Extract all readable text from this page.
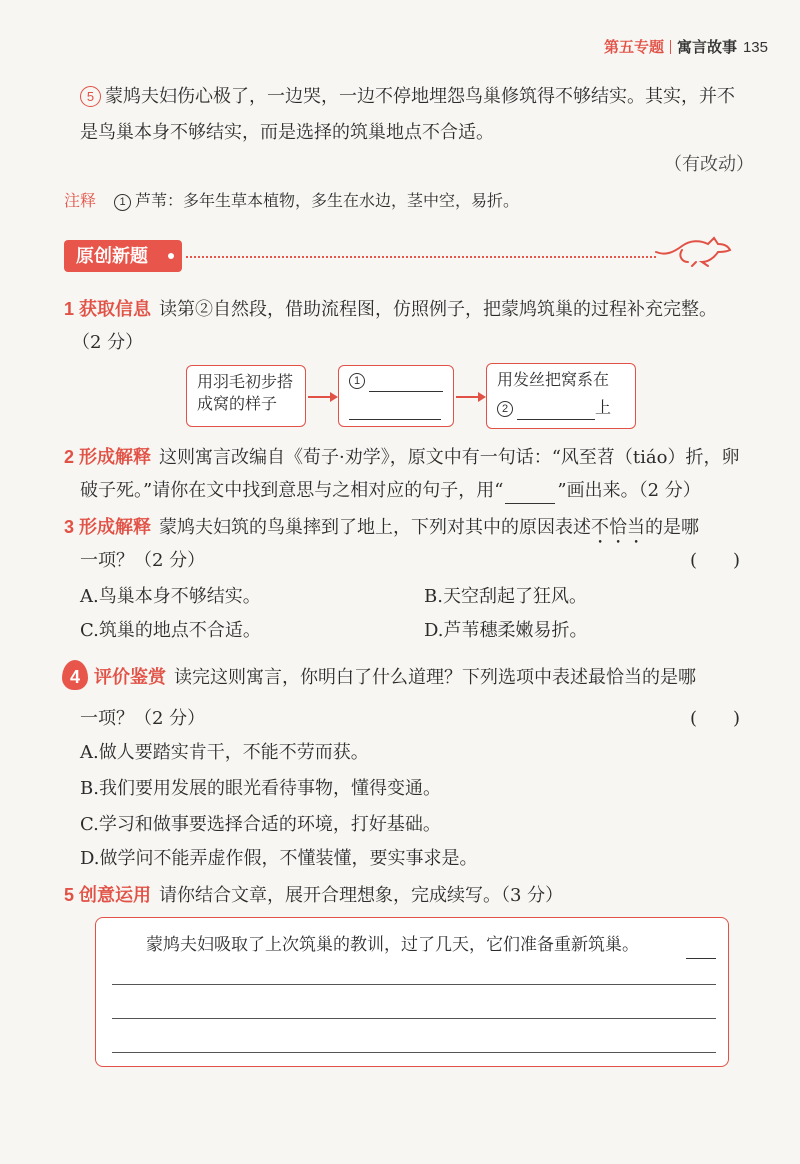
第五专题 寓言故事 135
5 蒙鸠夫妇伤心极了，一边哭，一边不停地埋怨鸟巢修筑得不够结实。其实，并不
是鸟巢本身不够结实，而是选择的筑巢地点不合适。
（有改动）
注释 1 芦苇：多年生草本植物，多生在水边，茎中空，易折。
原创新题
1 获取信息 读第②自然段，借助流程图，仿照例子，把蒙鸠筑巢的过程补充完整。
（2 分）
用羽毛初步搭
成窝的样子
1	用发丝把窝系在
2	上
2 形成解释 这则寓言改编自《荀子·劝学》，原文中有一句话：“风至苕（tiáo）折，卵
破子死。”请你在文中找到意思与之相对应的句子，用“	”画出来。（2 分）
3 形成解释 蒙鸠夫妇筑的鸟巢摔到了地上，下列对其中的原因表述不恰当的是哪
一项？（2 分）	(　　)
A.鸟巢本身不够结实。	B.天空刮起了狂风。
C.筑巢的地点不合适。	D.芦苇穗柔嫩易折。
4 评价鉴赏 读完这则寓言，你明白了什么道理？下列选项中表述最恰当的是哪
一项？（2 分）	(　　)
A.做人要踏实肯干，不能不劳而获。
B.我们要用发展的眼光看待事物，懂得变通。
C.学习和做事要选择合适的环境，打好基础。
D.做学问不能弄虚作假，不懂装懂，要实事求是。
5 创意运用 请你结合文章，展开合理想象，完成续写。（3 分）
蒙鸠夫妇吸取了上次筑巢的教训，过了几天，它们准备重新筑巢。
